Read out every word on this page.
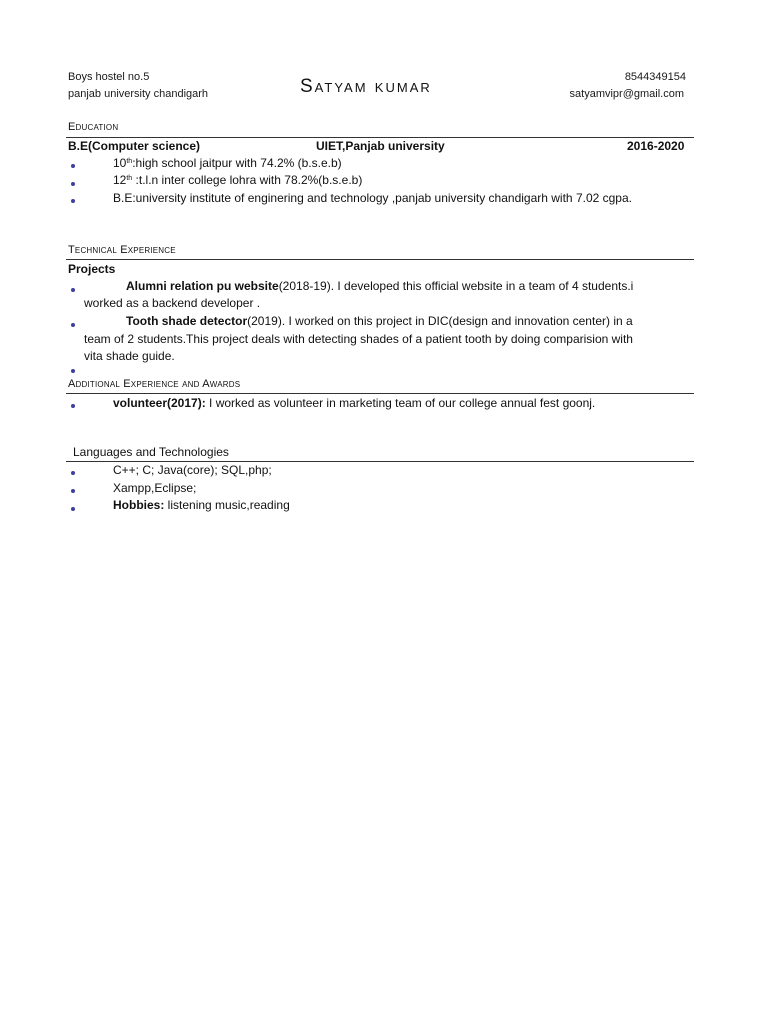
Boys hostel no.5
panjab university chandigarh	Satyam kumar	8544349154
satyamvipr@gmail.com
Education
B.E(Computer science)	UIET,Panjab university	2016-2020
10th:high school jaitpur with 74.2% (b.s.e.b)
12th :t.l.n inter college lohra with 78.2%(b.s.e.b)
B.E:university institute of enginering and technology ,panjab university chandigarh with 7.02 cgpa.
Technical Experience
Projects
Alumni relation pu website(2018-19). I developed this official website in a team of 4 students.i
worked as a backend developer .
Tooth shade detector(2019). I worked on this project in DIC(design and innovation center) in a
team of 2 students.This project deals with detecting shades of a patient tooth by doing comparision with
vita shade guide.
Additional Experience and Awards
volunteer(2017): I worked as volunteer in marketing team of our college annual fest goonj.
Languages and Technologies
C++; C; Java(core); SQL,php;
Xampp,Eclipse;
Hobbies: listening music,reading
